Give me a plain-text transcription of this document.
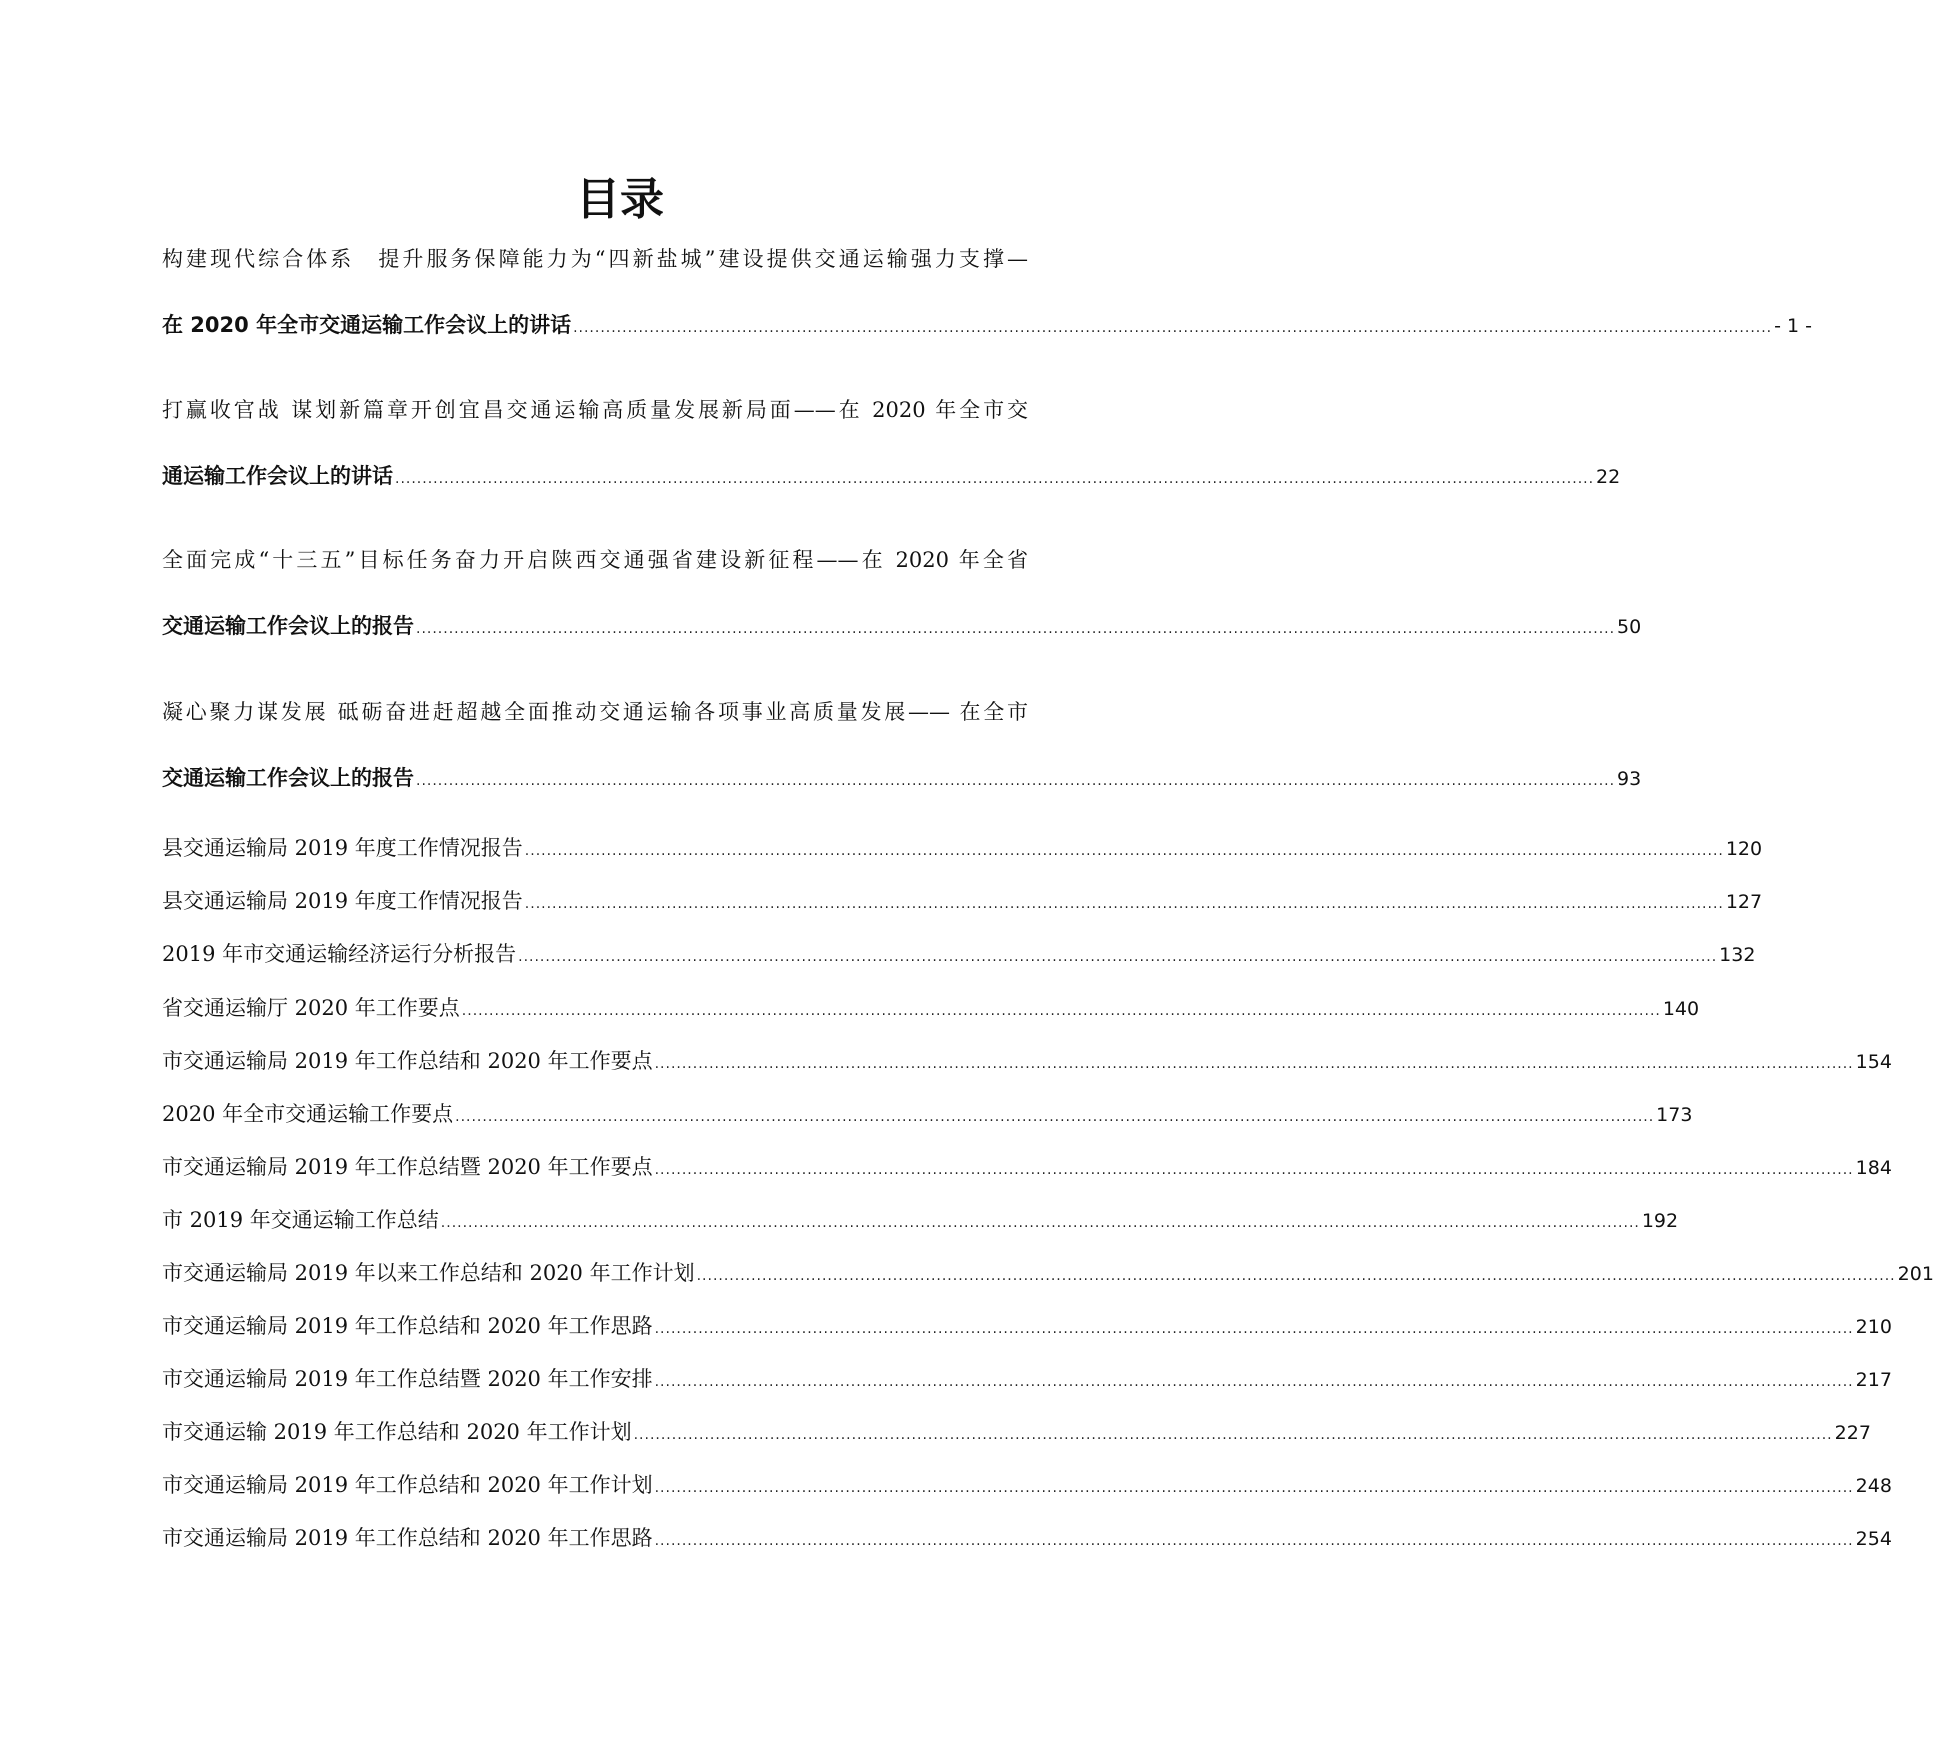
目录
构建现代综合体系　提升服务保障能力为“四新盐城”建设提供交通运输强力支撑—
在 2020 年全市交通运输工作会议上的讲话 ............................................................................................................................................................................................................................ - 1 -
打赢收官战 谋划新篇章开创宜昌交通运输高质量发展新局面——在 2020 年全市交
通运输工作会议上的讲话 ............................................................................................................................................................................................................................ 22
全面完成“十三五”目标任务奋力开启陕西交通强省建设新征程——在 2020 年全省
交通运输工作会议上的报告 ............................................................................................................................................................................................................................ 50
凝心聚力谋发展 砥砺奋进赶超越全面推动交通运输各项事业高质量发展—— 在全市
交通运输工作会议上的报告 ............................................................................................................................................................................................................................ 93
县交通运输局 2019 年度工作情况报告 ............................................................................................................................................................................................................................ 120
县交通运输局 2019 年度工作情况报告 ............................................................................................................................................................................................................................ 127
2019 年市交通运输经济运行分析报告 ............................................................................................................................................................................................................................ 132
省交通运输厅 2020 年工作要点 ............................................................................................................................................................................................................................ 140
市交通运输局 2019 年工作总结和 2020 年工作要点 ............................................................................................................................................................................................................................ 154
2020 年全市交通运输工作要点 ............................................................................................................................................................................................................................ 173
市交通运输局 2019 年工作总结暨 2020 年工作要点 ............................................................................................................................................................................................................................ 184
市 2019 年交通运输工作总结 ............................................................................................................................................................................................................................ 192
市交通运输局 2019 年以来工作总结和 2020 年工作计划 ............................................................................................................................................................................................................................ 201
市交通运输局 2019 年工作总结和 2020 年工作思路 ............................................................................................................................................................................................................................ 210
市交通运输局 2019 年工作总结暨 2020 年工作安排 ............................................................................................................................................................................................................................ 217
市交通运输 2019 年工作总结和 2020 年工作计划 ............................................................................................................................................................................................................................ 227
市交通运输局 2019 年工作总结和 2020 年工作计划 ............................................................................................................................................................................................................................ 248
市交通运输局 2019 年工作总结和 2020 年工作思路 ............................................................................................................................................................................................................................ 254
